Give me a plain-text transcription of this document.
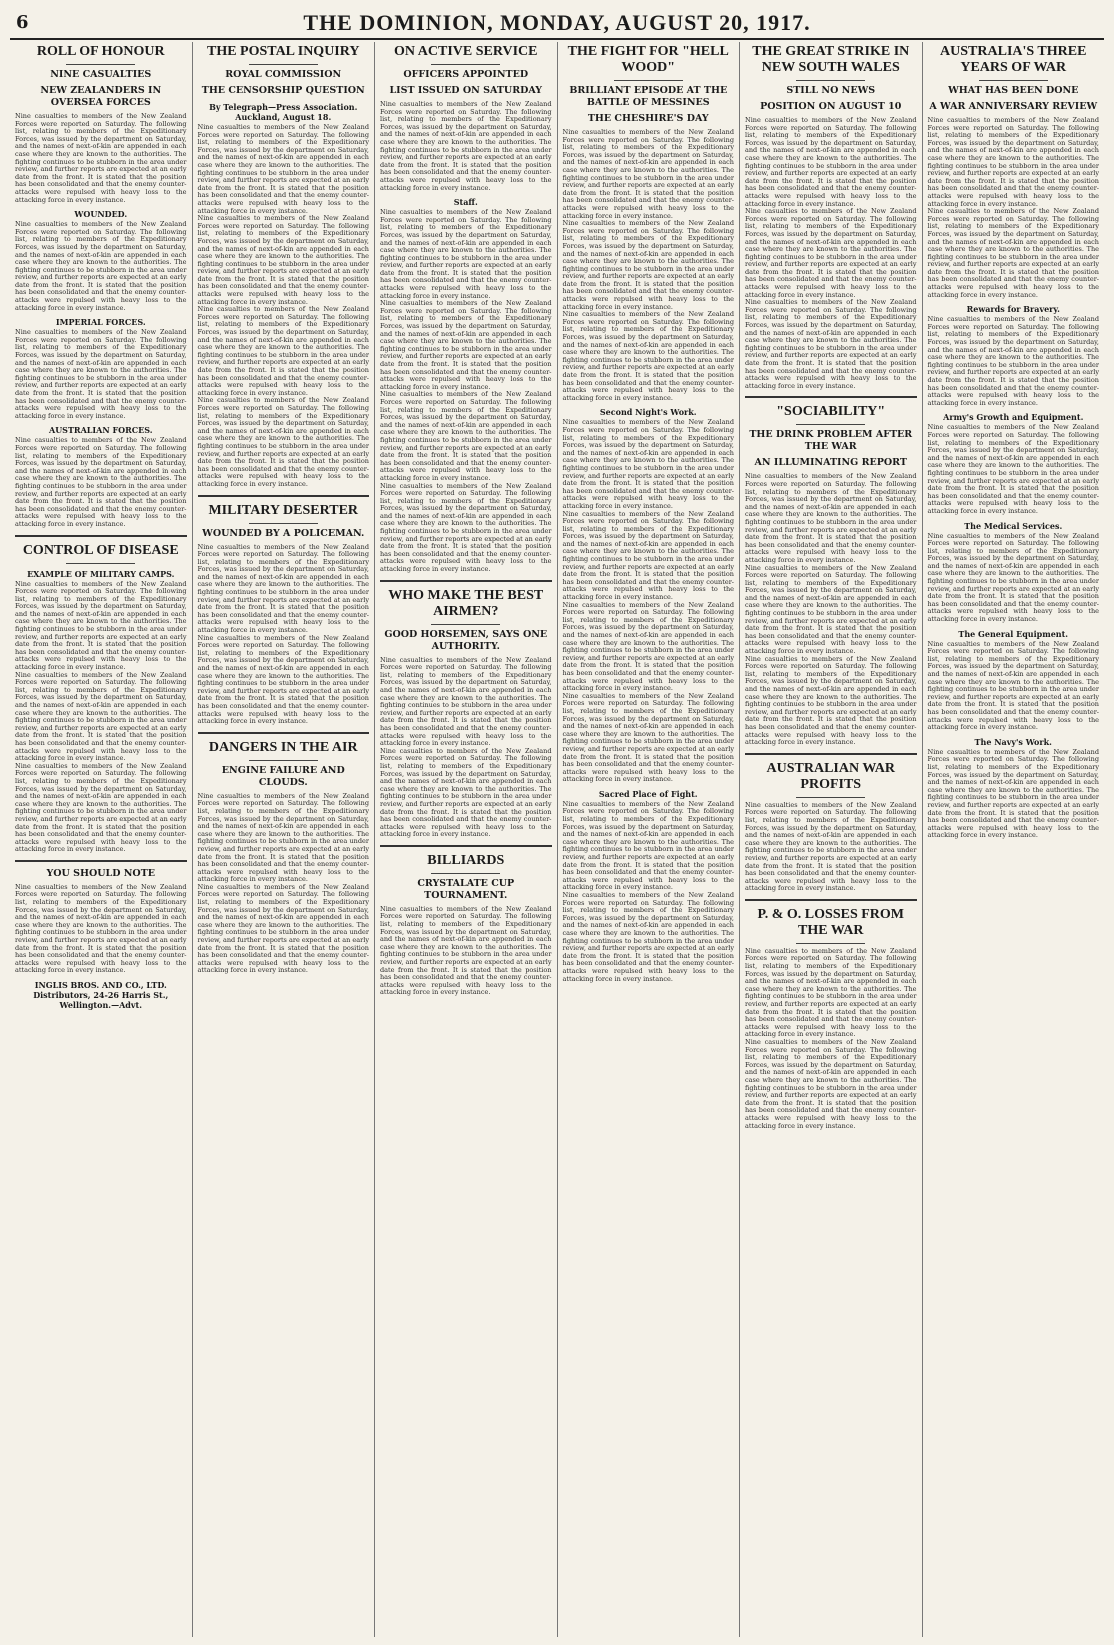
6	THE DOMINION, MONDAY, AUGUST 20, 1917.
ROLL OF HONOUR
NINE CASUALTIES
NEW ZEALANDERS IN OVERSEA FORCES
Nine casualties to members of the New Zealand Forces were reported on Saturday. The following list, relating to members of the Expeditionary Forces, was issued by the department on Saturday, and the names of next-of-kin are appended in each case where they are known to the authorities. The fighting continues to be stubborn in the area under review, and further reports are expected at an early date from the front. It is stated that the position has been consolidated and that the enemy counter-attacks were repulsed with heavy loss to the attacking force in every instance.
WOUNDED.
Nine casualties to members of the New Zealand Forces were reported on Saturday. The following list, relating to members of the Expeditionary Forces, was issued by the department on Saturday, and the names of next-of-kin are appended in each case where they are known to the authorities. The fighting continues to be stubborn in the area under review, and further reports are expected at an early date from the front. It is stated that the position has been consolidated and that the enemy counter-attacks were repulsed with heavy loss to the attacking force in every instance.
IMPERIAL FORCES.
Nine casualties to members of the New Zealand Forces were reported on Saturday. The following list, relating to members of the Expeditionary Forces, was issued by the department on Saturday, and the names of next-of-kin are appended in each case where they are known to the authorities. The fighting continues to be stubborn in the area under review, and further reports are expected at an early date from the front. It is stated that the position has been consolidated and that the enemy counter-attacks were repulsed with heavy loss to the attacking force in every instance.
AUSTRALIAN FORCES.
Nine casualties to members of the New Zealand Forces were reported on Saturday. The following list, relating to members of the Expeditionary Forces, was issued by the department on Saturday, and the names of next-of-kin are appended in each case where they are known to the authorities. The fighting continues to be stubborn in the area under review, and further reports are expected at an early date from the front. It is stated that the position has been consolidated and that the enemy counter-attacks were repulsed with heavy loss to the attacking force in every instance.
CONTROL OF DISEASE
EXAMPLE OF MILITARY CAMPS.
Nine casualties to members of the New Zealand Forces were reported on Saturday. The following list, relating to members of the Expeditionary Forces, was issued by the department on Saturday, and the names of next-of-kin are appended in each case where they are known to the authorities. The fighting continues to be stubborn in the area under review, and further reports are expected at an early date from the front. It is stated that the position has been consolidated and that the enemy counter-attacks were repulsed with heavy loss to the attacking force in every instance.
Nine casualties to members of the New Zealand Forces were reported on Saturday. The following list, relating to members of the Expeditionary Forces, was issued by the department on Saturday, and the names of next-of-kin are appended in each case where they are known to the authorities. The fighting continues to be stubborn in the area under review, and further reports are expected at an early date from the front. It is stated that the position has been consolidated and that the enemy counter-attacks were repulsed with heavy loss to the attacking force in every instance.
Nine casualties to members of the New Zealand Forces were reported on Saturday. The following list, relating to members of the Expeditionary Forces, was issued by the department on Saturday, and the names of next-of-kin are appended in each case where they are known to the authorities. The fighting continues to be stubborn in the area under review, and further reports are expected at an early date from the front. It is stated that the position has been consolidated and that the enemy counter-attacks were repulsed with heavy loss to the attacking force in every instance.
YOU SHOULD NOTE
Nine casualties to members of the New Zealand Forces were reported on Saturday. The following list, relating to members of the Expeditionary Forces, was issued by the department on Saturday, and the names of next-of-kin are appended in each case where they are known to the authorities. The fighting continues to be stubborn in the area under review, and further reports are expected at an early date from the front. It is stated that the position has been consolidated and that the enemy counter-attacks were repulsed with heavy loss to the attacking force in every instance.
INGLIS BROS. AND CO., LTD. Distributors, 24-26 Harris St., Wellington.—Advt.
THE POSTAL INQUIRY
ROYAL COMMISSION
THE CENSORSHIP QUESTION
By Telegraph—Press Association. Auckland, August 18.
Nine casualties to members of the New Zealand Forces were reported on Saturday. The following list, relating to members of the Expeditionary Forces, was issued by the department on Saturday, and the names of next-of-kin are appended in each case where they are known to the authorities. The fighting continues to be stubborn in the area under review, and further reports are expected at an early date from the front. It is stated that the position has been consolidated and that the enemy counter-attacks were repulsed with heavy loss to the attacking force in every instance.
Nine casualties to members of the New Zealand Forces were reported on Saturday. The following list, relating to members of the Expeditionary Forces, was issued by the department on Saturday, and the names of next-of-kin are appended in each case where they are known to the authorities. The fighting continues to be stubborn in the area under review, and further reports are expected at an early date from the front. It is stated that the position has been consolidated and that the enemy counter-attacks were repulsed with heavy loss to the attacking force in every instance.
Nine casualties to members of the New Zealand Forces were reported on Saturday. The following list, relating to members of the Expeditionary Forces, was issued by the department on Saturday, and the names of next-of-kin are appended in each case where they are known to the authorities. The fighting continues to be stubborn in the area under review, and further reports are expected at an early date from the front. It is stated that the position has been consolidated and that the enemy counter-attacks were repulsed with heavy loss to the attacking force in every instance.
Nine casualties to members of the New Zealand Forces were reported on Saturday. The following list, relating to members of the Expeditionary Forces, was issued by the department on Saturday, and the names of next-of-kin are appended in each case where they are known to the authorities. The fighting continues to be stubborn in the area under review, and further reports are expected at an early date from the front. It is stated that the position has been consolidated and that the enemy counter-attacks were repulsed with heavy loss to the attacking force in every instance.
MILITARY DESERTER
WOUNDED BY A POLICEMAN.
Nine casualties to members of the New Zealand Forces were reported on Saturday. The following list, relating to members of the Expeditionary Forces, was issued by the department on Saturday, and the names of next-of-kin are appended in each case where they are known to the authorities. The fighting continues to be stubborn in the area under review, and further reports are expected at an early date from the front. It is stated that the position has been consolidated and that the enemy counter-attacks were repulsed with heavy loss to the attacking force in every instance.
Nine casualties to members of the New Zealand Forces were reported on Saturday. The following list, relating to members of the Expeditionary Forces, was issued by the department on Saturday, and the names of next-of-kin are appended in each case where they are known to the authorities. The fighting continues to be stubborn in the area under review, and further reports are expected at an early date from the front. It is stated that the position has been consolidated and that the enemy counter-attacks were repulsed with heavy loss to the attacking force in every instance.
DANGERS IN THE AIR
ENGINE FAILURE AND CLOUDS.
Nine casualties to members of the New Zealand Forces were reported on Saturday. The following list, relating to members of the Expeditionary Forces, was issued by the department on Saturday, and the names of next-of-kin are appended in each case where they are known to the authorities. The fighting continues to be stubborn in the area under review, and further reports are expected at an early date from the front. It is stated that the position has been consolidated and that the enemy counter-attacks were repulsed with heavy loss to the attacking force in every instance.
Nine casualties to members of the New Zealand Forces were reported on Saturday. The following list, relating to members of the Expeditionary Forces, was issued by the department on Saturday, and the names of next-of-kin are appended in each case where they are known to the authorities. The fighting continues to be stubborn in the area under review, and further reports are expected at an early date from the front. It is stated that the position has been consolidated and that the enemy counter-attacks were repulsed with heavy loss to the attacking force in every instance.
ON ACTIVE SERVICE
OFFICERS APPOINTED
LIST ISSUED ON SATURDAY
Nine casualties to members of the New Zealand Forces were reported on Saturday. The following list, relating to members of the Expeditionary Forces, was issued by the department on Saturday, and the names of next-of-kin are appended in each case where they are known to the authorities. The fighting continues to be stubborn in the area under review, and further reports are expected at an early date from the front. It is stated that the position has been consolidated and that the enemy counter-attacks were repulsed with heavy loss to the attacking force in every instance.
Staff.
Nine casualties to members of the New Zealand Forces were reported on Saturday. The following list, relating to members of the Expeditionary Forces, was issued by the department on Saturday, and the names of next-of-kin are appended in each case where they are known to the authorities. The fighting continues to be stubborn in the area under review, and further reports are expected at an early date from the front. It is stated that the position has been consolidated and that the enemy counter-attacks were repulsed with heavy loss to the attacking force in every instance.
Nine casualties to members of the New Zealand Forces were reported on Saturday. The following list, relating to members of the Expeditionary Forces, was issued by the department on Saturday, and the names of next-of-kin are appended in each case where they are known to the authorities. The fighting continues to be stubborn in the area under review, and further reports are expected at an early date from the front. It is stated that the position has been consolidated and that the enemy counter-attacks were repulsed with heavy loss to the attacking force in every instance.
Nine casualties to members of the New Zealand Forces were reported on Saturday. The following list, relating to members of the Expeditionary Forces, was issued by the department on Saturday, and the names of next-of-kin are appended in each case where they are known to the authorities. The fighting continues to be stubborn in the area under review, and further reports are expected at an early date from the front. It is stated that the position has been consolidated and that the enemy counter-attacks were repulsed with heavy loss to the attacking force in every instance.
Nine casualties to members of the New Zealand Forces were reported on Saturday. The following list, relating to members of the Expeditionary Forces, was issued by the department on Saturday, and the names of next-of-kin are appended in each case where they are known to the authorities. The fighting continues to be stubborn in the area under review, and further reports are expected at an early date from the front. It is stated that the position has been consolidated and that the enemy counter-attacks were repulsed with heavy loss to the attacking force in every instance.
WHO MAKE THE BEST AIRMEN?
GOOD HORSEMEN, SAYS ONE AUTHORITY.
Nine casualties to members of the New Zealand Forces were reported on Saturday. The following list, relating to members of the Expeditionary Forces, was issued by the department on Saturday, and the names of next-of-kin are appended in each case where they are known to the authorities. The fighting continues to be stubborn in the area under review, and further reports are expected at an early date from the front. It is stated that the position has been consolidated and that the enemy counter-attacks were repulsed with heavy loss to the attacking force in every instance.
Nine casualties to members of the New Zealand Forces were reported on Saturday. The following list, relating to members of the Expeditionary Forces, was issued by the department on Saturday, and the names of next-of-kin are appended in each case where they are known to the authorities. The fighting continues to be stubborn in the area under review, and further reports are expected at an early date from the front. It is stated that the position has been consolidated and that the enemy counter-attacks were repulsed with heavy loss to the attacking force in every instance.
BILLIARDS
CRYSTALATE CUP TOURNAMENT.
Nine casualties to members of the New Zealand Forces were reported on Saturday. The following list, relating to members of the Expeditionary Forces, was issued by the department on Saturday, and the names of next-of-kin are appended in each case where they are known to the authorities. The fighting continues to be stubborn in the area under review, and further reports are expected at an early date from the front. It is stated that the position has been consolidated and that the enemy counter-attacks were repulsed with heavy loss to the attacking force in every instance.
THE FIGHT FOR "HELL WOOD"
BRILLIANT EPISODE AT THE BATTLE OF MESSINES
THE CHESHIRE'S DAY
Nine casualties to members of the New Zealand Forces were reported on Saturday. The following list, relating to members of the Expeditionary Forces, was issued by the department on Saturday, and the names of next-of-kin are appended in each case where they are known to the authorities. The fighting continues to be stubborn in the area under review, and further reports are expected at an early date from the front. It is stated that the position has been consolidated and that the enemy counter-attacks were repulsed with heavy loss to the attacking force in every instance.
Nine casualties to members of the New Zealand Forces were reported on Saturday. The following list, relating to members of the Expeditionary Forces, was issued by the department on Saturday, and the names of next-of-kin are appended in each case where they are known to the authorities. The fighting continues to be stubborn in the area under review, and further reports are expected at an early date from the front. It is stated that the position has been consolidated and that the enemy counter-attacks were repulsed with heavy loss to the attacking force in every instance.
Nine casualties to members of the New Zealand Forces were reported on Saturday. The following list, relating to members of the Expeditionary Forces, was issued by the department on Saturday, and the names of next-of-kin are appended in each case where they are known to the authorities. The fighting continues to be stubborn in the area under review, and further reports are expected at an early date from the front. It is stated that the position has been consolidated and that the enemy counter-attacks were repulsed with heavy loss to the attacking force in every instance.
Second Night's Work.
Nine casualties to members of the New Zealand Forces were reported on Saturday. The following list, relating to members of the Expeditionary Forces, was issued by the department on Saturday, and the names of next-of-kin are appended in each case where they are known to the authorities. The fighting continues to be stubborn in the area under review, and further reports are expected at an early date from the front. It is stated that the position has been consolidated and that the enemy counter-attacks were repulsed with heavy loss to the attacking force in every instance.
Nine casualties to members of the New Zealand Forces were reported on Saturday. The following list, relating to members of the Expeditionary Forces, was issued by the department on Saturday, and the names of next-of-kin are appended in each case where they are known to the authorities. The fighting continues to be stubborn in the area under review, and further reports are expected at an early date from the front. It is stated that the position has been consolidated and that the enemy counter-attacks were repulsed with heavy loss to the attacking force in every instance.
Nine casualties to members of the New Zealand Forces were reported on Saturday. The following list, relating to members of the Expeditionary Forces, was issued by the department on Saturday, and the names of next-of-kin are appended in each case where they are known to the authorities. The fighting continues to be stubborn in the area under review, and further reports are expected at an early date from the front. It is stated that the position has been consolidated and that the enemy counter-attacks were repulsed with heavy loss to the attacking force in every instance.
Nine casualties to members of the New Zealand Forces were reported on Saturday. The following list, relating to members of the Expeditionary Forces, was issued by the department on Saturday, and the names of next-of-kin are appended in each case where they are known to the authorities. The fighting continues to be stubborn in the area under review, and further reports are expected at an early date from the front. It is stated that the position has been consolidated and that the enemy counter-attacks were repulsed with heavy loss to the attacking force in every instance.
Sacred Place of Fight.
Nine casualties to members of the New Zealand Forces were reported on Saturday. The following list, relating to members of the Expeditionary Forces, was issued by the department on Saturday, and the names of next-of-kin are appended in each case where they are known to the authorities. The fighting continues to be stubborn in the area under review, and further reports are expected at an early date from the front. It is stated that the position has been consolidated and that the enemy counter-attacks were repulsed with heavy loss to the attacking force in every instance.
Nine casualties to members of the New Zealand Forces were reported on Saturday. The following list, relating to members of the Expeditionary Forces, was issued by the department on Saturday, and the names of next-of-kin are appended in each case where they are known to the authorities. The fighting continues to be stubborn in the area under review, and further reports are expected at an early date from the front. It is stated that the position has been consolidated and that the enemy counter-attacks were repulsed with heavy loss to the attacking force in every instance.
THE GREAT STRIKE IN NEW SOUTH WALES
STILL NO NEWS
POSITION ON AUGUST 10
Nine casualties to members of the New Zealand Forces were reported on Saturday. The following list, relating to members of the Expeditionary Forces, was issued by the department on Saturday, and the names of next-of-kin are appended in each case where they are known to the authorities. The fighting continues to be stubborn in the area under review, and further reports are expected at an early date from the front. It is stated that the position has been consolidated and that the enemy counter-attacks were repulsed with heavy loss to the attacking force in every instance.
Nine casualties to members of the New Zealand Forces were reported on Saturday. The following list, relating to members of the Expeditionary Forces, was issued by the department on Saturday, and the names of next-of-kin are appended in each case where they are known to the authorities. The fighting continues to be stubborn in the area under review, and further reports are expected at an early date from the front. It is stated that the position has been consolidated and that the enemy counter-attacks were repulsed with heavy loss to the attacking force in every instance.
Nine casualties to members of the New Zealand Forces were reported on Saturday. The following list, relating to members of the Expeditionary Forces, was issued by the department on Saturday, and the names of next-of-kin are appended in each case where they are known to the authorities. The fighting continues to be stubborn in the area under review, and further reports are expected at an early date from the front. It is stated that the position has been consolidated and that the enemy counter-attacks were repulsed with heavy loss to the attacking force in every instance.
"SOCIABILITY"
THE DRINK PROBLEM AFTER THE WAR
AN ILLUMINATING REPORT
Nine casualties to members of the New Zealand Forces were reported on Saturday. The following list, relating to members of the Expeditionary Forces, was issued by the department on Saturday, and the names of next-of-kin are appended in each case where they are known to the authorities. The fighting continues to be stubborn in the area under review, and further reports are expected at an early date from the front. It is stated that the position has been consolidated and that the enemy counter-attacks were repulsed with heavy loss to the attacking force in every instance.
Nine casualties to members of the New Zealand Forces were reported on Saturday. The following list, relating to members of the Expeditionary Forces, was issued by the department on Saturday, and the names of next-of-kin are appended in each case where they are known to the authorities. The fighting continues to be stubborn in the area under review, and further reports are expected at an early date from the front. It is stated that the position has been consolidated and that the enemy counter-attacks were repulsed with heavy loss to the attacking force in every instance.
Nine casualties to members of the New Zealand Forces were reported on Saturday. The following list, relating to members of the Expeditionary Forces, was issued by the department on Saturday, and the names of next-of-kin are appended in each case where they are known to the authorities. The fighting continues to be stubborn in the area under review, and further reports are expected at an early date from the front. It is stated that the position has been consolidated and that the enemy counter-attacks were repulsed with heavy loss to the attacking force in every instance.
AUSTRALIAN WAR PROFITS
Nine casualties to members of the New Zealand Forces were reported on Saturday. The following list, relating to members of the Expeditionary Forces, was issued by the department on Saturday, and the names of next-of-kin are appended in each case where they are known to the authorities. The fighting continues to be stubborn in the area under review, and further reports are expected at an early date from the front. It is stated that the position has been consolidated and that the enemy counter-attacks were repulsed with heavy loss to the attacking force in every instance.
P. & O. LOSSES FROM THE WAR
Nine casualties to members of the New Zealand Forces were reported on Saturday. The following list, relating to members of the Expeditionary Forces, was issued by the department on Saturday, and the names of next-of-kin are appended in each case where they are known to the authorities. The fighting continues to be stubborn in the area under review, and further reports are expected at an early date from the front. It is stated that the position has been consolidated and that the enemy counter-attacks were repulsed with heavy loss to the attacking force in every instance.
Nine casualties to members of the New Zealand Forces were reported on Saturday. The following list, relating to members of the Expeditionary Forces, was issued by the department on Saturday, and the names of next-of-kin are appended in each case where they are known to the authorities. The fighting continues to be stubborn in the area under review, and further reports are expected at an early date from the front. It is stated that the position has been consolidated and that the enemy counter-attacks were repulsed with heavy loss to the attacking force in every instance.
AUSTRALIA'S THREE YEARS OF WAR
WHAT HAS BEEN DONE
A WAR ANNIVERSARY REVIEW
Nine casualties to members of the New Zealand Forces were reported on Saturday. The following list, relating to members of the Expeditionary Forces, was issued by the department on Saturday, and the names of next-of-kin are appended in each case where they are known to the authorities. The fighting continues to be stubborn in the area under review, and further reports are expected at an early date from the front. It is stated that the position has been consolidated and that the enemy counter-attacks were repulsed with heavy loss to the attacking force in every instance.
Nine casualties to members of the New Zealand Forces were reported on Saturday. The following list, relating to members of the Expeditionary Forces, was issued by the department on Saturday, and the names of next-of-kin are appended in each case where they are known to the authorities. The fighting continues to be stubborn in the area under review, and further reports are expected at an early date from the front. It is stated that the position has been consolidated and that the enemy counter-attacks were repulsed with heavy loss to the attacking force in every instance.
Rewards for Bravery.
Nine casualties to members of the New Zealand Forces were reported on Saturday. The following list, relating to members of the Expeditionary Forces, was issued by the department on Saturday, and the names of next-of-kin are appended in each case where they are known to the authorities. The fighting continues to be stubborn in the area under review, and further reports are expected at an early date from the front. It is stated that the position has been consolidated and that the enemy counter-attacks were repulsed with heavy loss to the attacking force in every instance.
Army's Growth and Equipment.
Nine casualties to members of the New Zealand Forces were reported on Saturday. The following list, relating to members of the Expeditionary Forces, was issued by the department on Saturday, and the names of next-of-kin are appended in each case where they are known to the authorities. The fighting continues to be stubborn in the area under review, and further reports are expected at an early date from the front. It is stated that the position has been consolidated and that the enemy counter-attacks were repulsed with heavy loss to the attacking force in every instance.
The Medical Services.
Nine casualties to members of the New Zealand Forces were reported on Saturday. The following list, relating to members of the Expeditionary Forces, was issued by the department on Saturday, and the names of next-of-kin are appended in each case where they are known to the authorities. The fighting continues to be stubborn in the area under review, and further reports are expected at an early date from the front. It is stated that the position has been consolidated and that the enemy counter-attacks were repulsed with heavy loss to the attacking force in every instance.
The General Equipment.
Nine casualties to members of the New Zealand Forces were reported on Saturday. The following list, relating to members of the Expeditionary Forces, was issued by the department on Saturday, and the names of next-of-kin are appended in each case where they are known to the authorities. The fighting continues to be stubborn in the area under review, and further reports are expected at an early date from the front. It is stated that the position has been consolidated and that the enemy counter-attacks were repulsed with heavy loss to the attacking force in every instance.
The Navy's Work.
Nine casualties to members of the New Zealand Forces were reported on Saturday. The following list, relating to members of the Expeditionary Forces, was issued by the department on Saturday, and the names of next-of-kin are appended in each case where they are known to the authorities. The fighting continues to be stubborn in the area under review, and further reports are expected at an early date from the front. It is stated that the position has been consolidated and that the enemy counter-attacks were repulsed with heavy loss to the attacking force in every instance.
